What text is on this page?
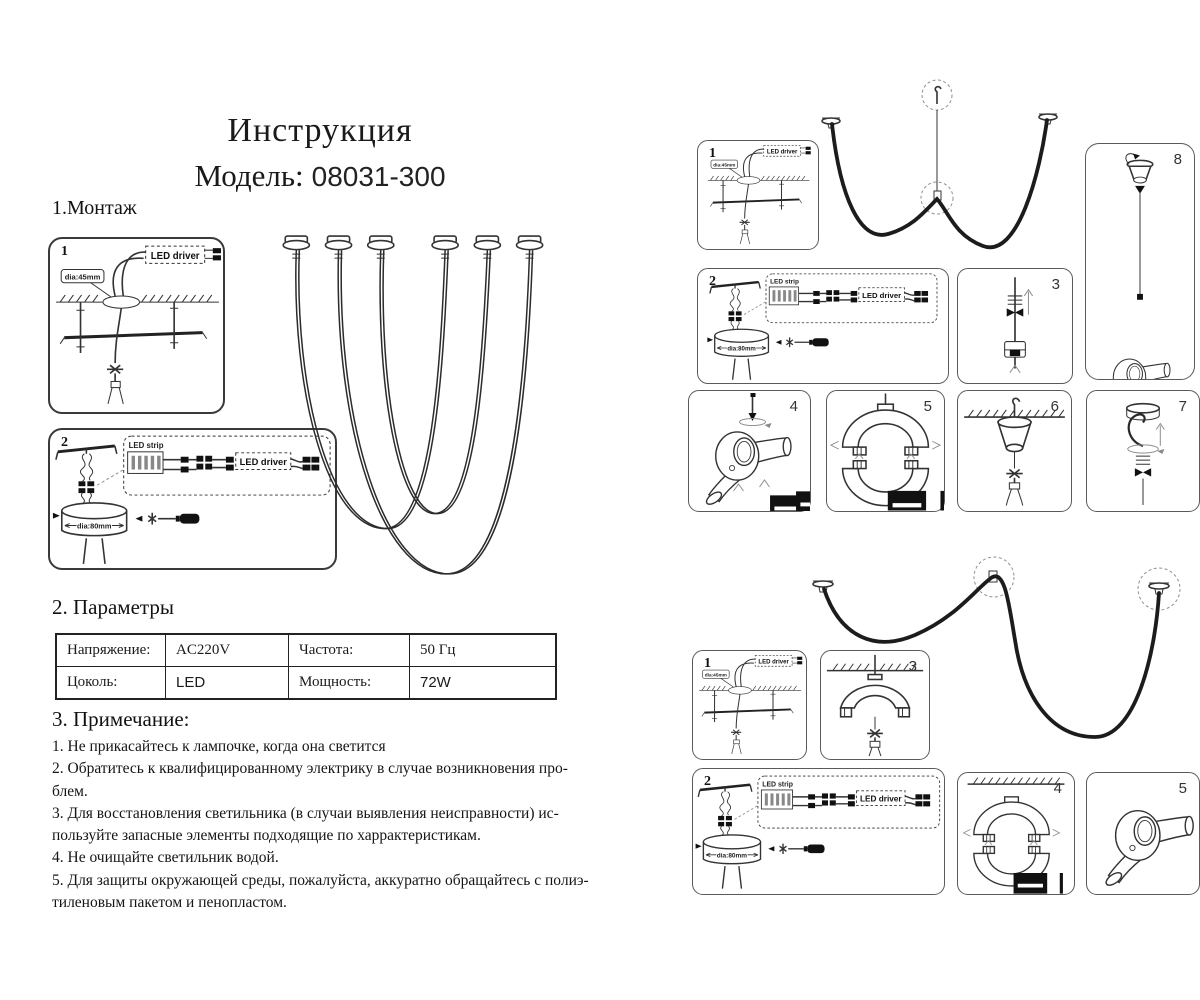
Инструкция
Модель: 08031-300
1.Монтаж
1
2
2. Параметры
Напряжение:	AC220V	Частота:	50 Гц
Цоколь:	LED	Мощность:	72W
3. Примечание:
1. Не прикасайтесь к лампочке, когда она светится
2. Обратитесь к квалифицированному электрику в случае возникновения про-
блем.
3. Для восстановления светильника (в случаи выявления неисправности) ис-
пользуйте запасные элементы подходящие по харрактеристикам.
4. Не очищайте светильник водой.
5. Для защиты окружающей среды, пожалуйста, аккуратно обращайтесь с полиэ-
тиленовым пакетом и пенопластом.
1	8
2	3
4	5	6	7
1	3
2	4	5
